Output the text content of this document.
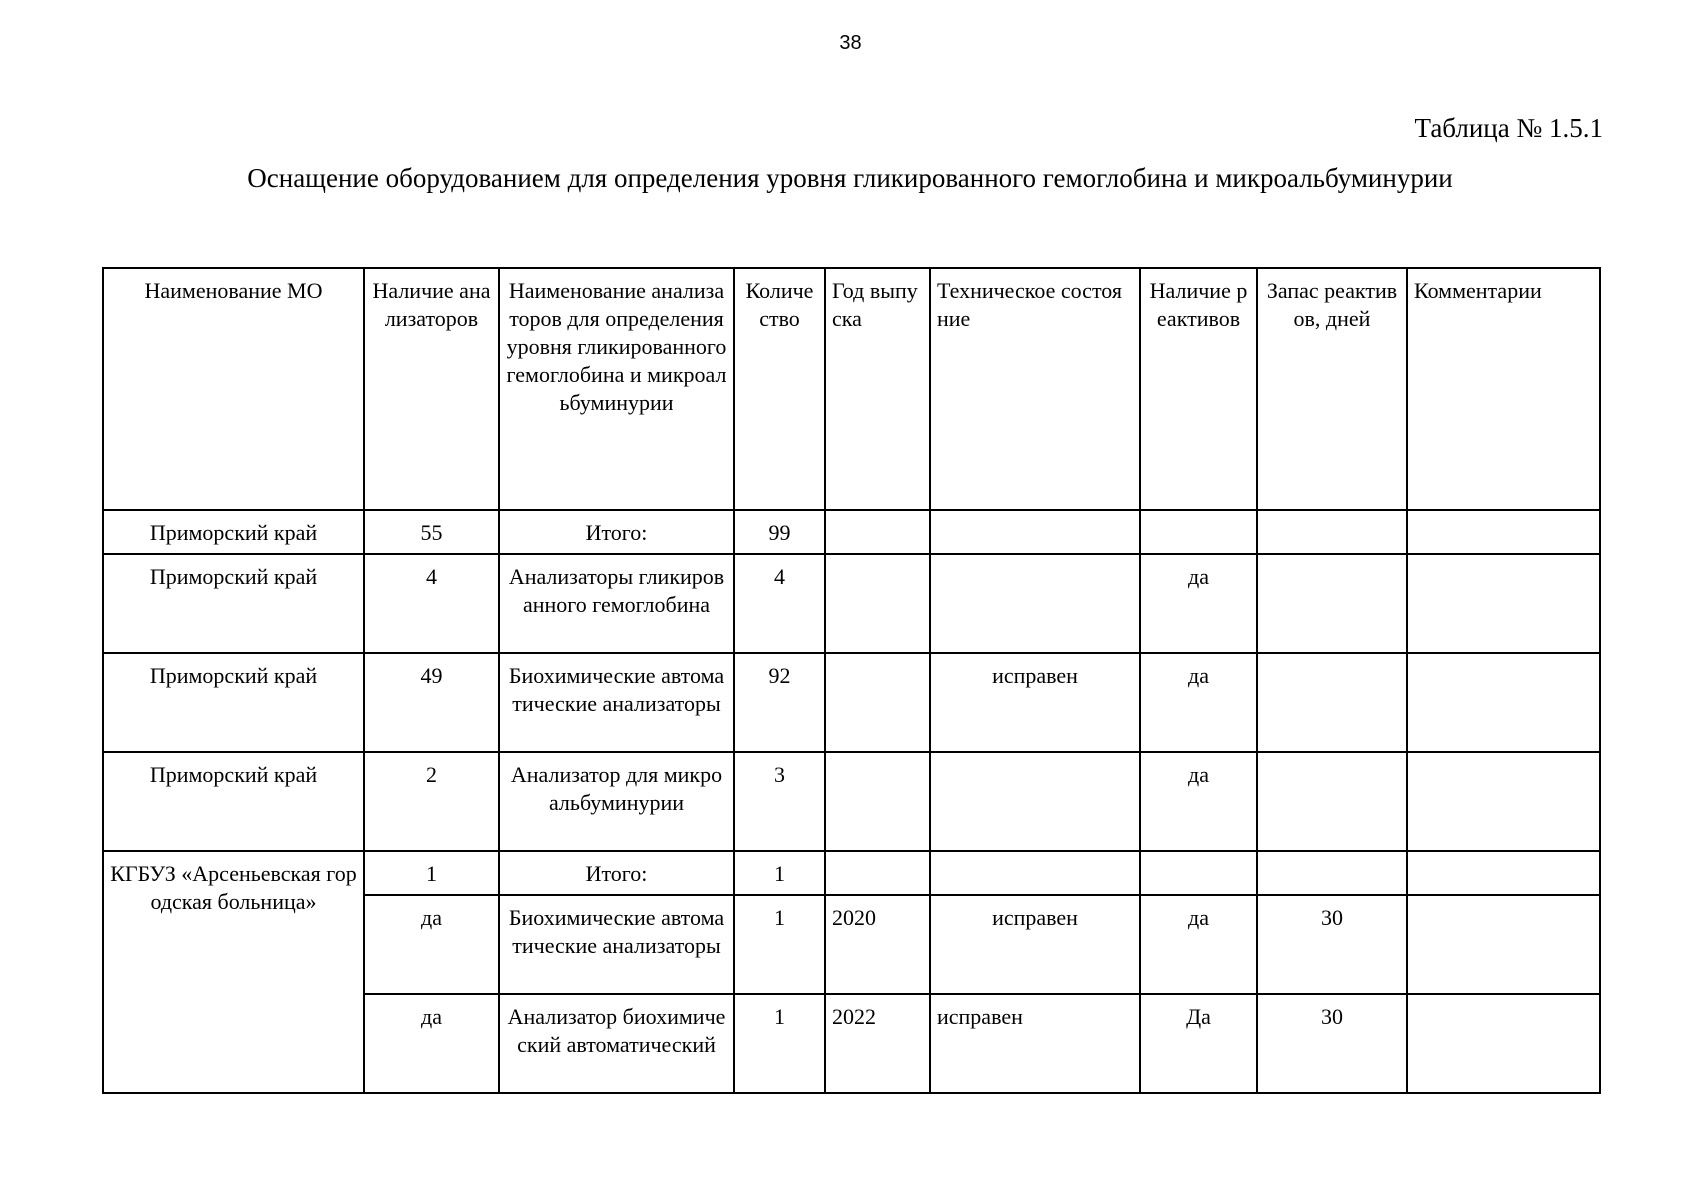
38
Таблица № 1.5.1
Оснащение оборудованием для определения уровня гликированного гемоглобина и микроальбуминурии
Наименование МО	Наличие анализаторов	Наименование анализаторов для определения уровня гликированного гемоглобина и микроальбуминурии	Количество	Год выпуска	Техническое состояние	Наличие реактивов	Запас реактивов, дней	Комментарии
Приморский край	55	Итого:	99					
Приморский край	4	Анализаторы гликированного гемоглобина	4			да		
Приморский край	49	Биохимические автоматические анализаторы	92		исправен	да		
Приморский край	2	Анализатор для микроальбуминурии	3			да		
КГБУЗ «Арсеньевская городская больница»	1	Итого:	1					
	да	Биохимические автоматические анализаторы	1	2020	исправен	да	30	
	да	Анализатор биохимический автоматический	1	2022	исправен	Да	30	
